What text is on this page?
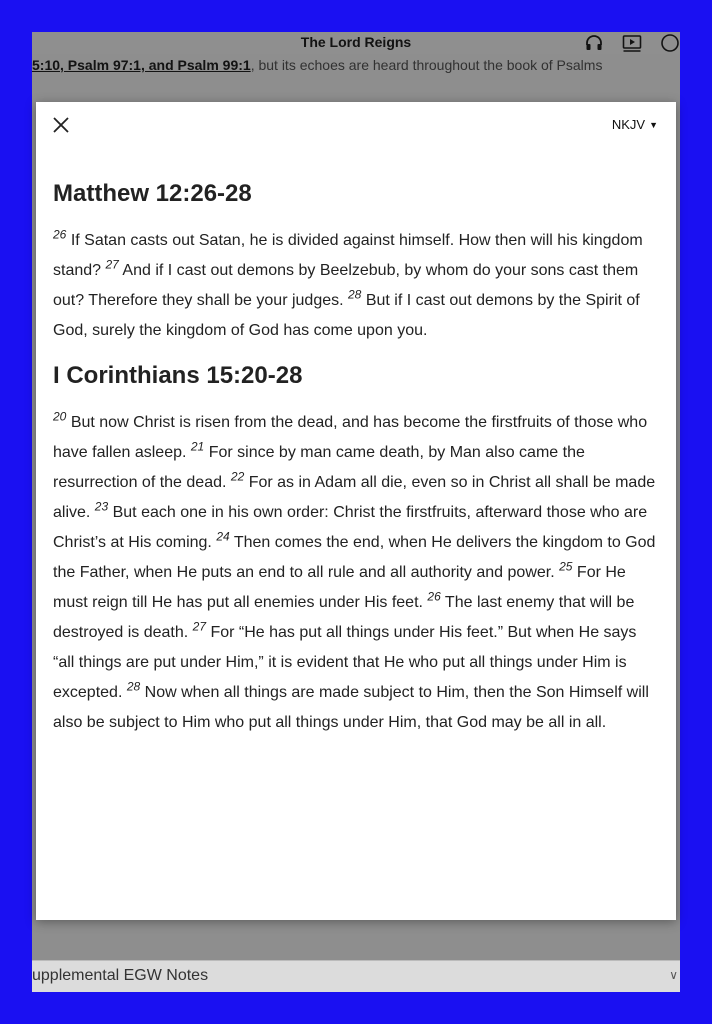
The Lord Reigns
5:10, Psalm 97:1, and Psalm 99:1, but its echoes are heard throughout the book of Psalms
upplemental EGW Notes	∨
NKJV ▼
Matthew 12:26-28

$^{26}$ If Satan casts out Satan, he is divided against himself. How then will his kingdom stand? $^{27}$ And if I cast out demons by Beelzebub, by whom do your sons cast them out? Therefore they shall be your judges. $^{28}$ But if I cast out demons by the Spirit of God, surely the kingdom of God has come upon you.

I Corinthians 15:20-28

$^{20}$ But now Christ is risen from the dead, and has become the firstfruits of those who have fallen asleep. $^{21}$ For since by man came death, by Man also came the resurrection of the dead. $^{22}$ For as in Adam all die, even so in Christ all shall be made alive. $^{23}$ But each one in his own order: Christ the firstfruits, afterward those who are Christ’s at His coming. $^{24}$ Then comes the end, when He delivers the kingdom to God the Father, when He puts an end to all rule and all authority and power. $^{25}$ For He must reign till He has put all enemies under His feet. $^{26}$ The last enemy that will be destroyed is death. $^{27}$ For “He has put all things under His feet.” But when He says “all things are put under Him,” it is evident that He who put all things under Him is excepted. $^{28}$ Now when all things are made subject to Him, then the Son Himself will also be subject to Him who put all things under Him, that God may be all in all.
